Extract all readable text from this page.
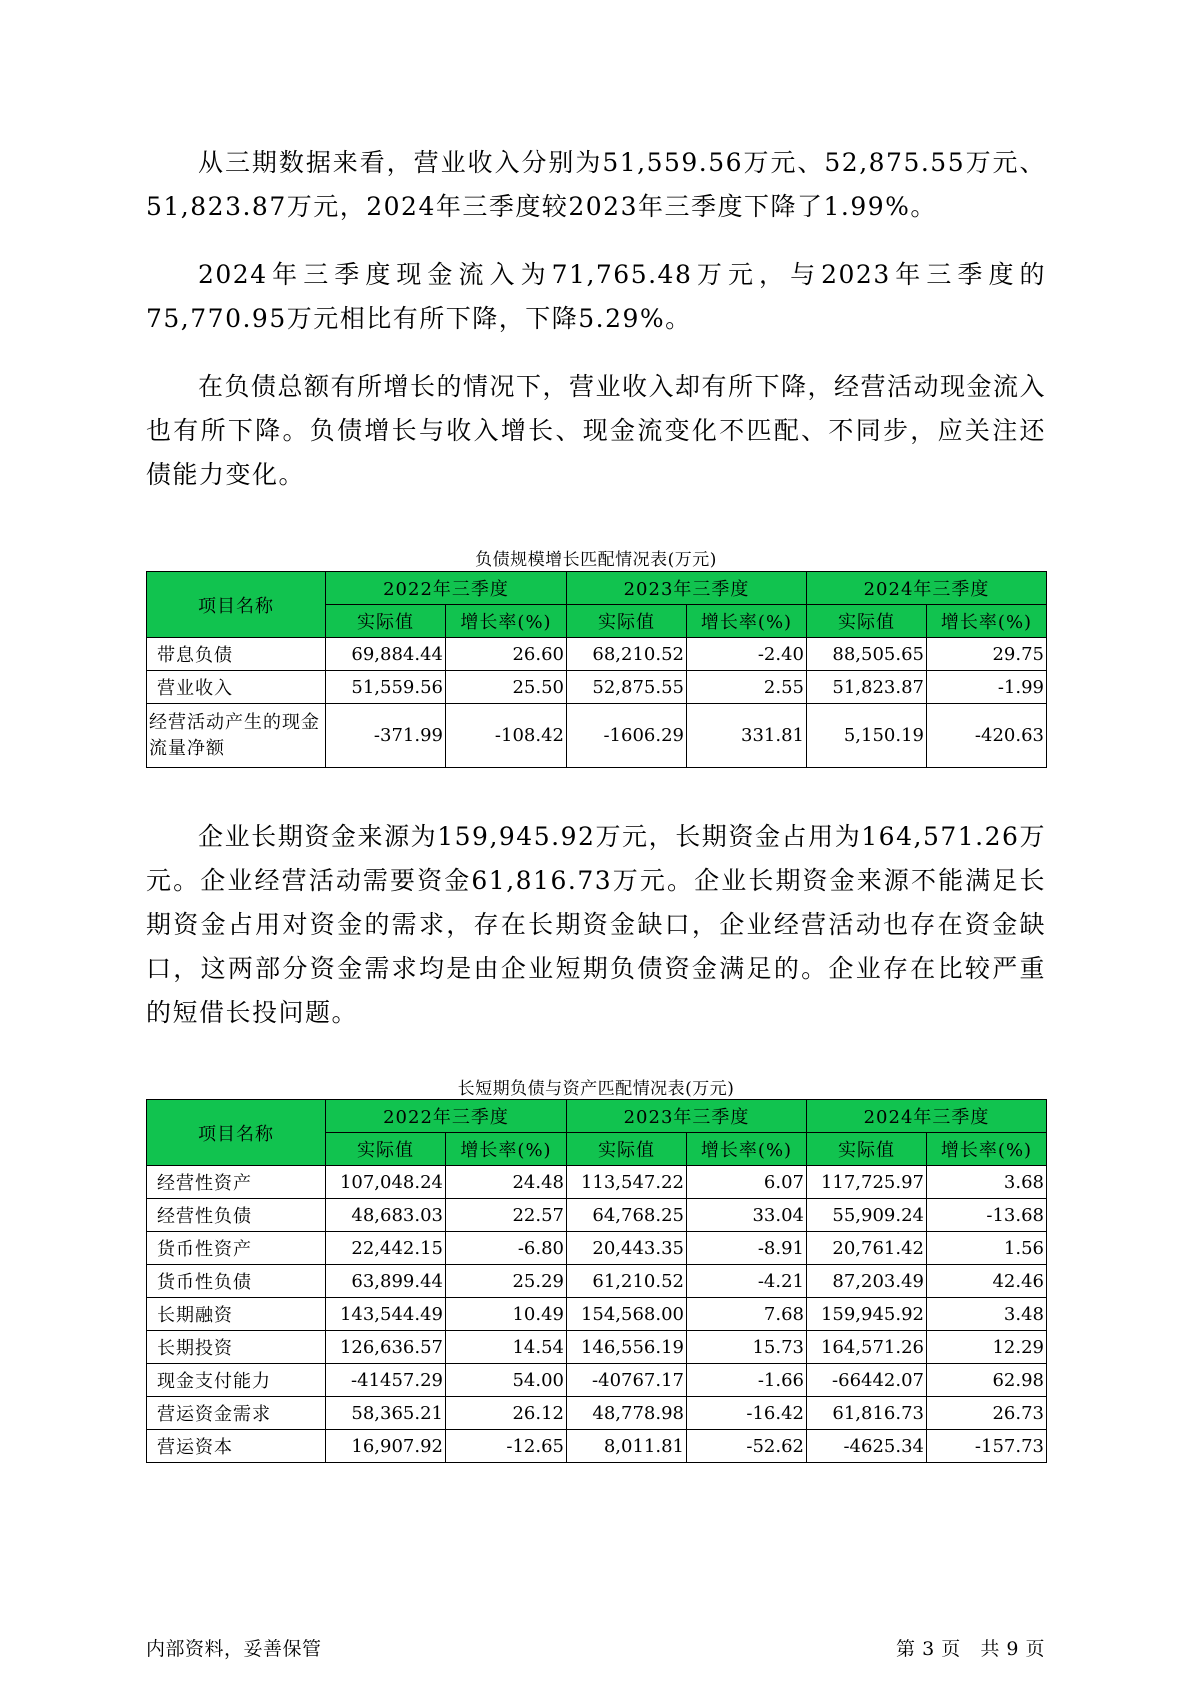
从三期数据来看，营业收入分别为51,559.56万元、52,875.55万元、51,823.87万元，2024年三季度较2023年三季度下降了1.99%。

2024年三季度现金流入为71,765.48万元，与2023年三季度的75,770.95万元相比有所下降，下降5.29%。

在负债总额有所增长的情况下，营业收入却有所下降，经营活动现金流入也有所下降。负债增长与收入增长、现金流变化不匹配、不同步，应关注还债能力变化。

负债规模增长匹配情况表(万元)
项目名称	2022年三季度		2023年三季度		2024年三季度	
	实际值	增长率(%)	实际值	增长率(%)	实际值	增长率(%)
带息负债	69,884.44	26.60	68,210.52	-2.40	88,505.65	29.75
营业收入	51,559.56	25.50	52,875.55	2.55	51,823.87	-1.99
经营活动产生的现金流量净额	-371.99	-108.42	-1606.29	331.81	5,150.19	-420.63

企业长期资金来源为159,945.92万元，长期资金占用为164,571.26万元。企业经营活动需要资金61,816.73万元。企业长期资金来源不能满足长期资金占用对资金的需求，存在长期资金缺口，企业经营活动也存在资金缺口，这两部分资金需求均是由企业短期负债资金满足的。企业存在比较严重的短借长投问题。

长短期负债与资产匹配情况表(万元)
项目名称	2022年三季度		2023年三季度		2024年三季度	
	实际值	增长率(%)	实际值	增长率(%)	实际值	增长率(%)
经营性资产	107,048.24	24.48	113,547.22	6.07	117,725.97	3.68
经营性负债	48,683.03	22.57	64,768.25	33.04	55,909.24	-13.68
货币性资产	22,442.15	-6.80	20,443.35	-8.91	20,761.42	1.56
货币性负债	63,899.44	25.29	61,210.52	-4.21	87,203.49	42.46
长期融资	143,544.49	10.49	154,568.00	7.68	159,945.92	3.48
长期投资	126,636.57	14.54	146,556.19	15.73	164,571.26	12.29
现金支付能力	-41457.29	54.00	-40767.17	-1.66	-66442.07	62.98
营运资金需求	58,365.21	26.12	48,778.98	-16.42	61,816.73	26.73
营运资本	16,907.92	-12.65	8,011.81	-52.62	-4625.34	-157.73
内部资料，妥善保管	第 3 页   共 9 页
